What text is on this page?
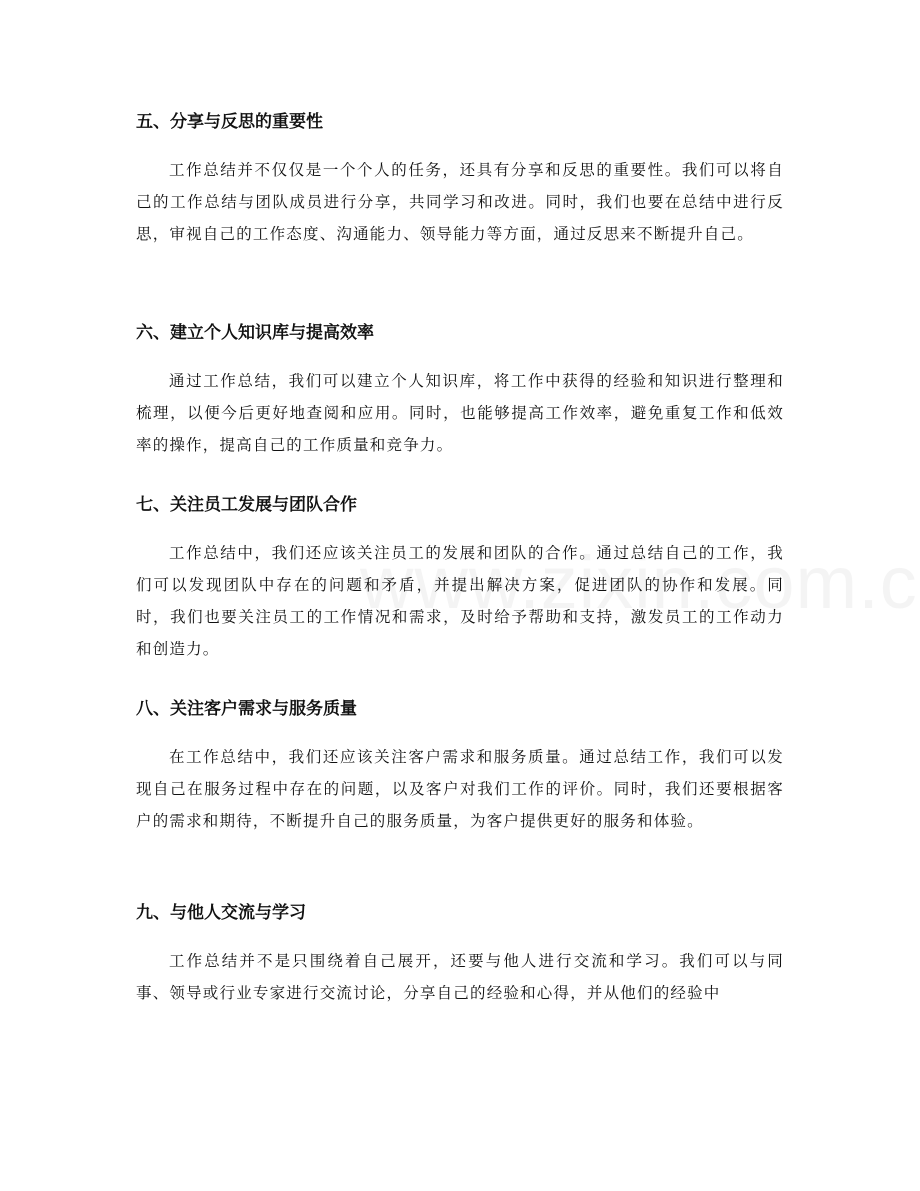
五、分享与反思的重要性

工作总结并不仅仅是一个个人的任务，还具有分享和反思的重要性。我们可以将自己的工作总结与团队成员进行分享，共同学习和改进。同时，我们也要在总结中进行反思，审视自己的工作态度、沟通能力、领导能力等方面，通过反思来不断提升自己。

六、建立个人知识库与提高效率

通过工作总结，我们可以建立个人知识库，将工作中获得的经验和知识进行整理和梳理，以便今后更好地查阅和应用。同时，也能够提高工作效率，避免重复工作和低效率的操作，提高自己的工作质量和竞争力。

七、关注员工发展与团队合作

工作总结中，我们还应该关注员工的发展和团队的合作。通过总结自己的工作，我们可以发现团队中存在的问题和矛盾，并提出解决方案，促进团队的协作和发展。同时，我们也要关注员工的工作情况和需求，及时给予帮助和支持，激发员工的工作动力和创造力。

八、关注客户需求与服务质量

在工作总结中，我们还应该关注客户需求和服务质量。通过总结工作，我们可以发现自己在服务过程中存在的问题，以及客户对我们工作的评价。同时，我们还要根据客户的需求和期待，不断提升自己的服务质量，为客户提供更好的服务和体验。

九、与他人交流与学习

工作总结并不是只围绕着自己展开，还要与他人进行交流和学习。我们可以与同事、领导或行业专家进行交流讨论，分享自己的经验和心得，并从他们的经验中
